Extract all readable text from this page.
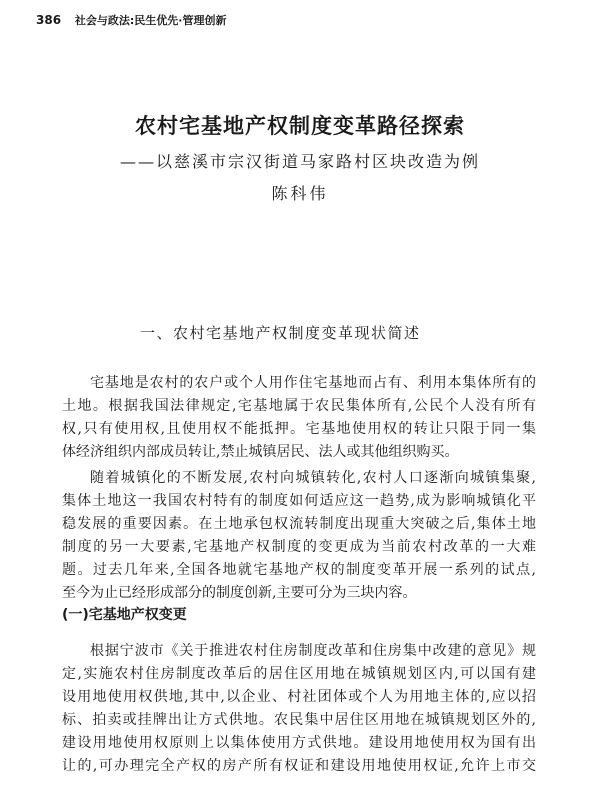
386 社会与政法:民生优先·管理创新
农村宅基地产权制度变革路径探索
——以慈溪市宗汉街道马家路村区块改造为例
陈科伟
一、农村宅基地产权制度变革现状简述
宅基地是农村的农户或个人用作住宅基地而占有、利用本集体所有的
土地。根据我国法律规定,宅基地属于农民集体所有,公民个人没有所有
权,只有使用权,且使用权不能抵押。宅基地使用权的转让只限于同一集
体经济组织内部成员转让,禁止城镇居民、法人或其他组织购买。
随着城镇化的不断发展,农村向城镇转化,农村人口逐渐向城镇集聚,
集体土地这一我国农村特有的制度如何适应这一趋势,成为影响城镇化平
稳发展的重要因素。在土地承包权流转制度出现重大突破之后,集体土地
制度的另一大要素,宅基地产权制度的变更成为当前农村改革的一大难
题。过去几年来,全国各地就宅基地产权的制度变革开展一系列的试点,
至今为止已经形成部分的制度创新,主要可分为三块内容。
(一)宅基地产权变更
根据宁波市《关于推进农村住房制度改革和住房集中改建的意见》规
定,实施农村住房制度改革后的居住区用地在城镇规划区内,可以国有建
设用地使用权供地,其中,以企业、村社团体或个人为用地主体的,应以招
标、拍卖或挂牌出让方式供地。农民集中居住区用地在城镇规划区外的,
建设用地使用权原则上以集体使用方式供地。建设用地使用权为国有出
让的,可办理完全产权的房产所有权证和建设用地使用权证,允许上市交
